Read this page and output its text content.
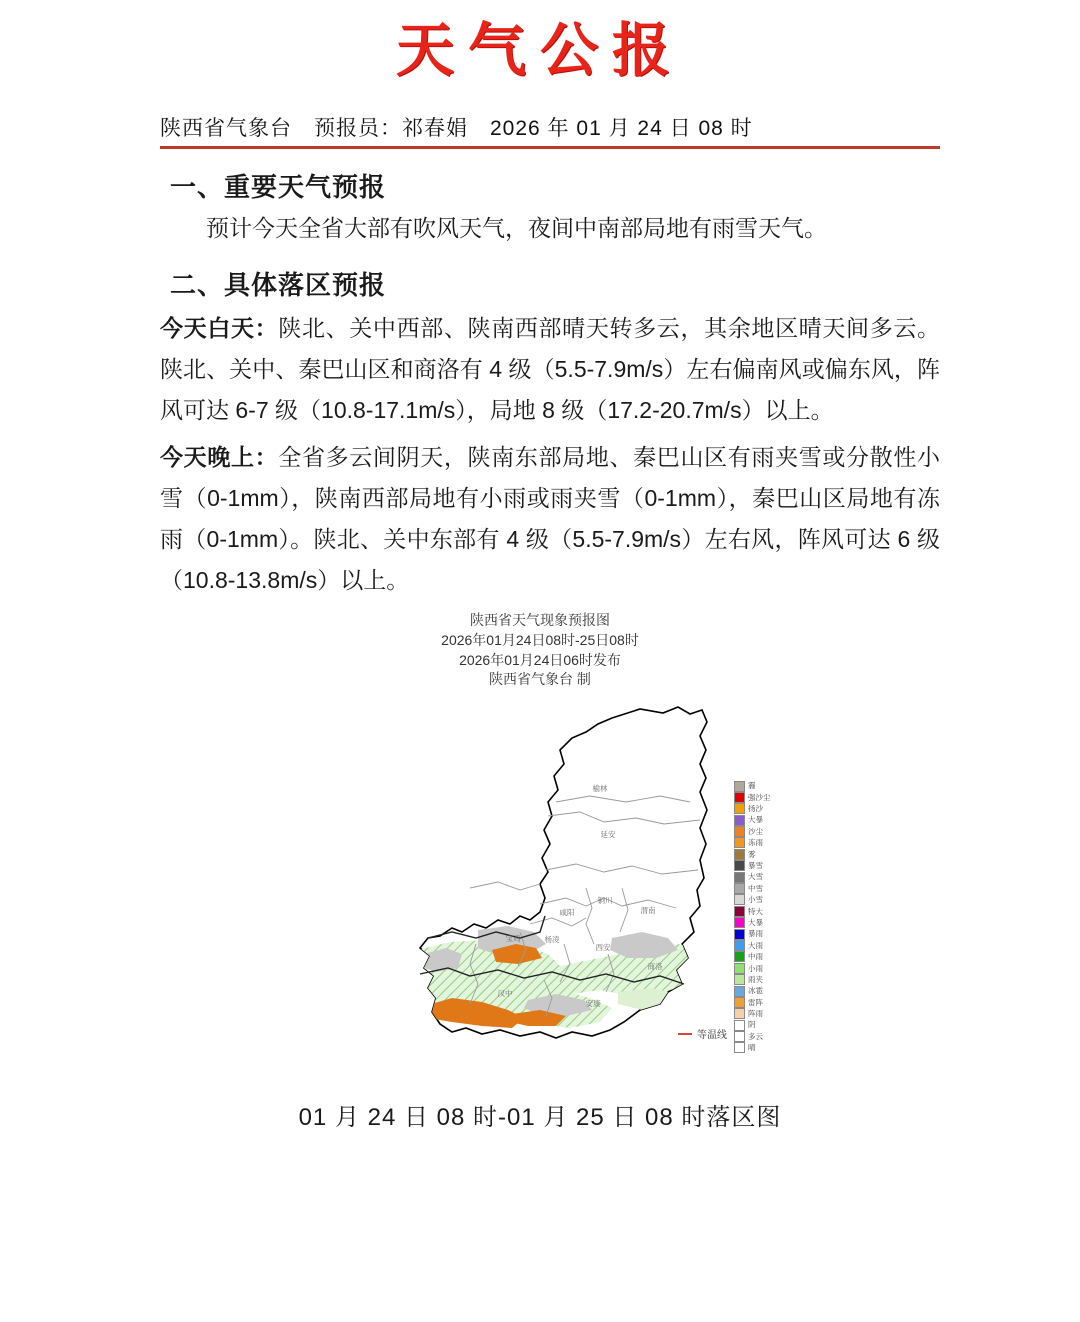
天气公报
陕西省气象台　预报员：祁春娟　2026 年 01 月 24 日 08 时
一、重要天气预报

预计今天全省大部有吹风天气，夜间中南部局地有雨雪天气。

二、具体落区预报

今天白天：陕北、关中西部、陕南西部晴天转多云，其余地区晴天间多云。陕北、关中、秦巴山区和商洛有 4 级（5.5-7.9m/s）左右偏南风或偏东风，阵风可达 6-7 级（10.8-17.1m/s），局地 8 级（17.2-20.7m/s）以上。

今天晚上：全省多云间阴天，陕南东部局地、秦巴山区有雨夹雪或分散性小雪（0-1mm），陕南西部局地有小雨或雨夹雪（0-1mm），秦巴山区局地有冻雨（0-1mm）。陕北、关中东部有 4 级（5.5-7.9m/s）左右风，阵风可达 6 级（10.8-13.8m/s）以上。

陕西省天气现象预报图
2026年01月24日08时-25日08时
2026年01月24日06时发布
陕西省气象台 制
榆林
延安
铜川
咸阳	渭南
宝鸡	杨凌
西安
商洛
汉中
安康
霾
强沙尘
扬沙
大暴
沙尘
冻雨
雾
暴雪
大雪
中雪
小雪
特大
大暴
暴雨
大雨
中雨
小雨
雨夹
冰雹
雷阵
阵雨
阴
多云
晴
等温线
01 月 24 日 08 时-01 月 25 日 08 时落区图
